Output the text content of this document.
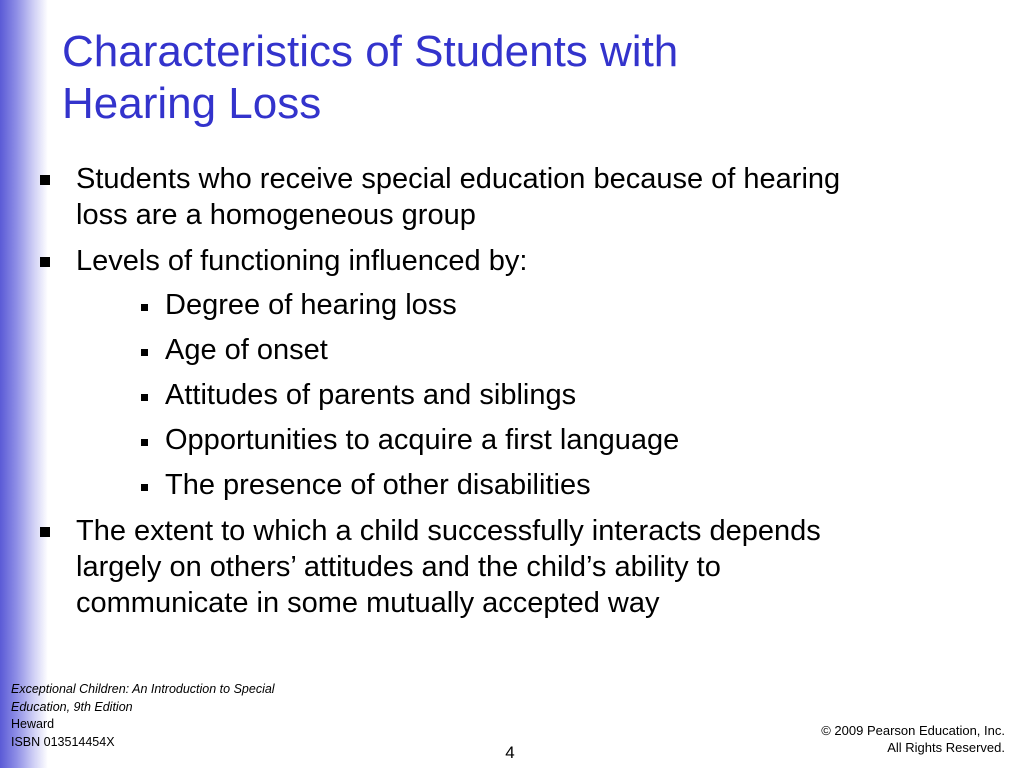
Characteristics of Students with
Hearing Loss
Students who receive special education because of hearing
loss are a homogeneous group
Levels of functioning influenced by:
Degree of hearing loss
Age of onset
Attitudes of parents and siblings
Opportunities to acquire a first language
The presence of other disabilities
The extent to which a child successfully interacts depends
largely on others’ attitudes and the child’s ability to
communicate in some mutually accepted way
Exceptional Children: An Introduction to Special
Education, 9th Edition
Heward
ISBN 013514454X
4
© 2009 Pearson Education, Inc.
All Rights Reserved.
